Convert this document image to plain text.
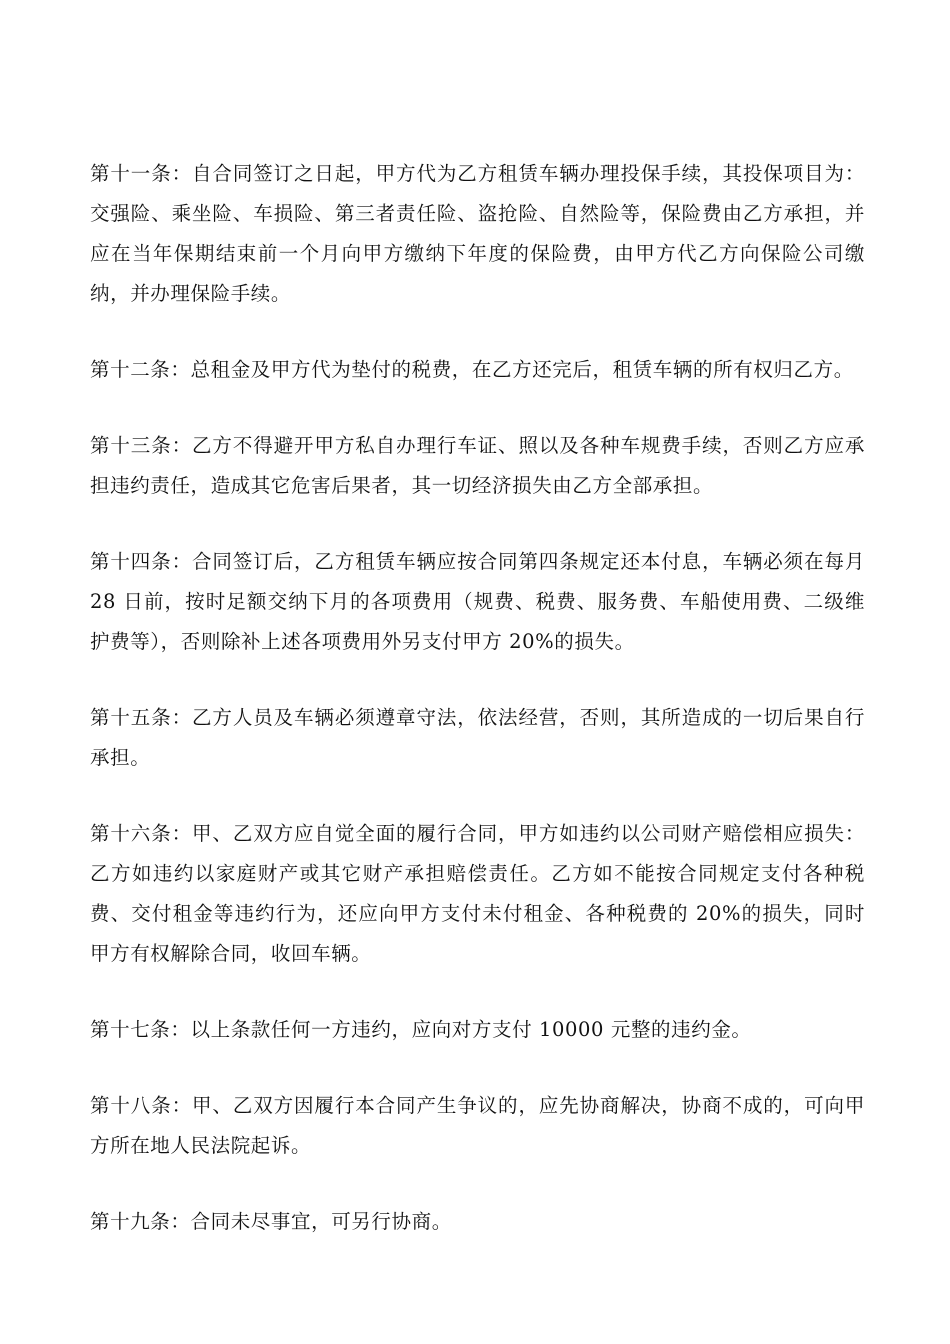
第十一条：自合同签订之日起，甲方代为乙方租赁车辆办理投保手续，其投保项目为：交强险、乘坐险、车损险、第三者责任险、盗抢险、自然险等，保险费由乙方承担，并应在当年保期结束前一个月向甲方缴纳下年度的保险费，由甲方代乙方向保险公司缴纳，并办理保险手续。

第十二条：总租金及甲方代为垫付的税费，在乙方还完后，租赁车辆的所有权归乙方。

第十三条：乙方不得避开甲方私自办理行车证、照以及各种车规费手续，否则乙方应承担违约责任，造成其它危害后果者，其一切经济损失由乙方全部承担。

第十四条：合同签订后，乙方租赁车辆应按合同第四条规定还本付息，车辆必须在每月 28 日前，按时足额交纳下月的各项费用（规费、税费、服务费、车船使用费、二级维护费等），否则除补上述各项费用外另支付甲方 20%的损失。

第十五条：乙方人员及车辆必须遵章守法，依法经营，否则，其所造成的一切后果自行承担。

第十六条：甲、乙双方应自觉全面的履行合同，甲方如违约以公司财产赔偿相应损失：乙方如违约以家庭财产或其它财产承担赔偿责任。乙方如不能按合同规定支付各种税费、交付租金等违约行为，还应向甲方支付未付租金、各种税费的 20%的损失，同时甲方有权解除合同，收回车辆。

第十七条：以上条款任何一方违约，应向对方支付 10000 元整的违约金。

第十八条：甲、乙双方因履行本合同产生争议的，应先协商解决，协商不成的，可向甲方所在地人民法院起诉。

第十九条：合同未尽事宜，可另行协商。
